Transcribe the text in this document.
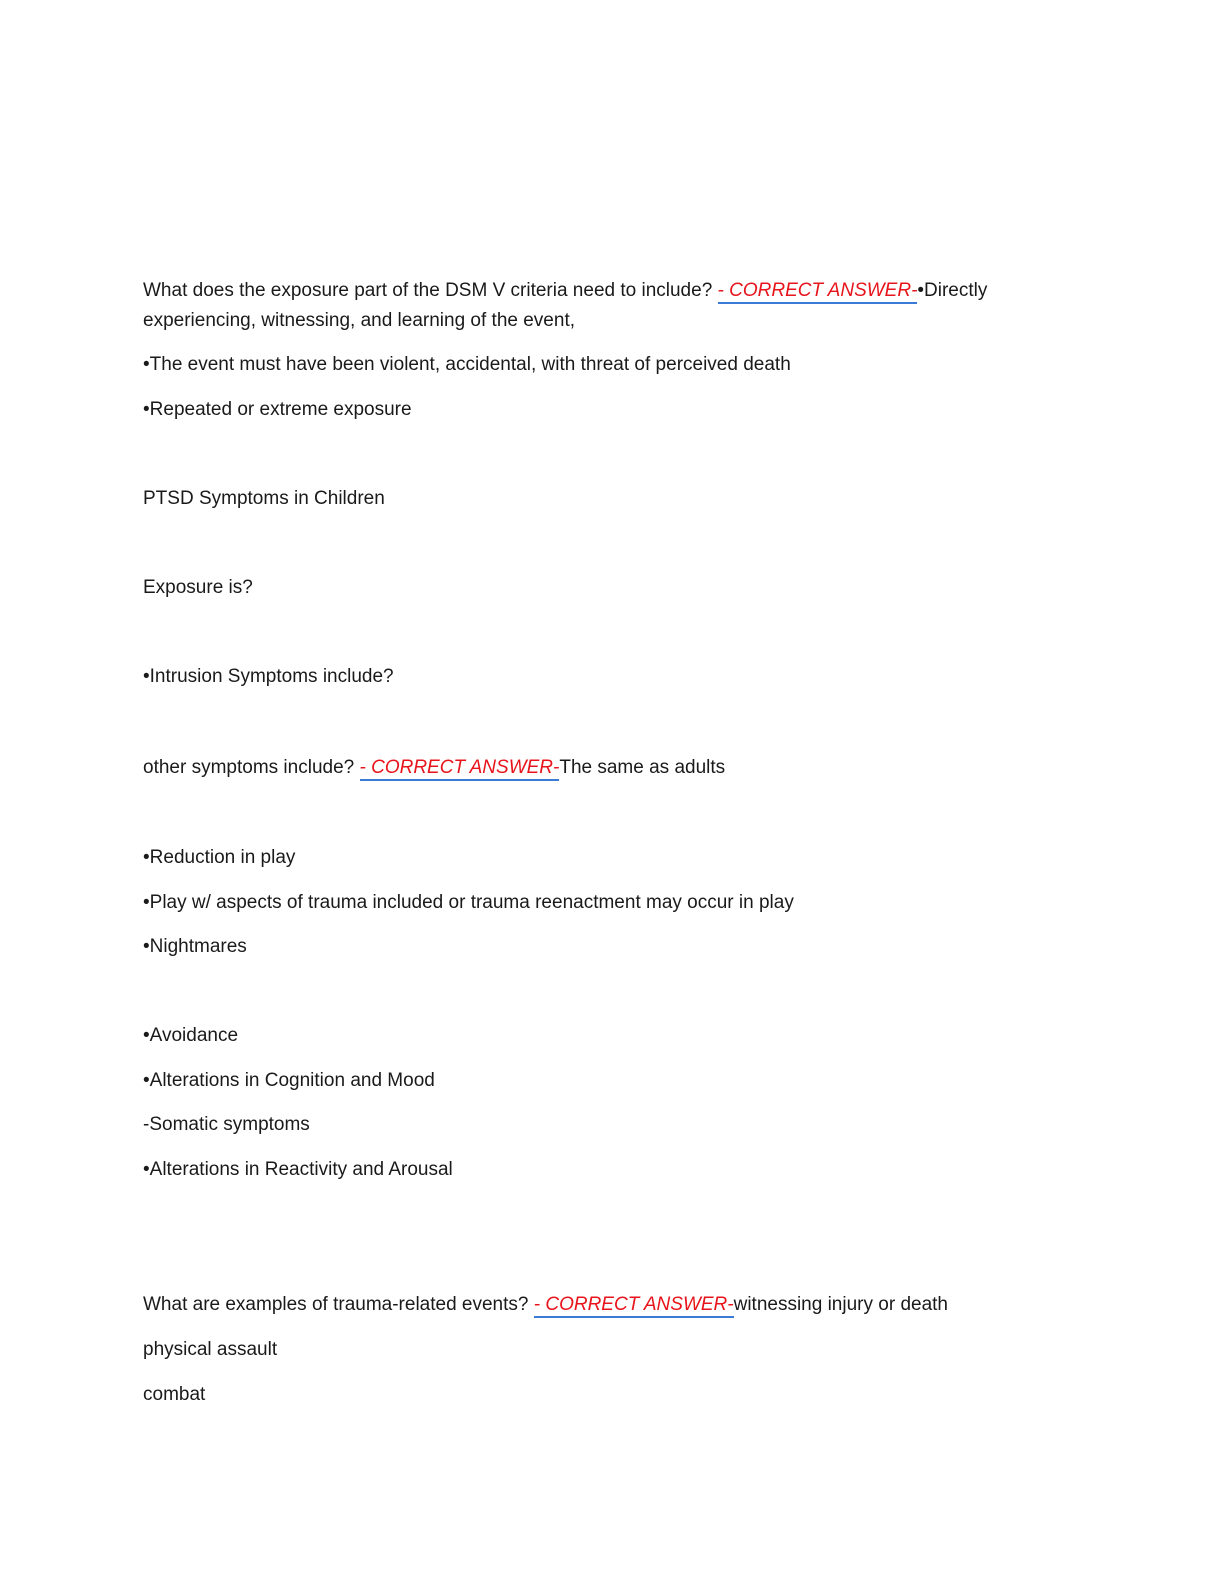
What does the exposure part of the DSM V criteria need to include? - CORRECT ANSWER-•Directly
experiencing, witnessing, and learning of the event,
•The event must have been violent, accidental, with threat of perceived death
•Repeated or extreme exposure
PTSD Symptoms in Children
Exposure is?
•Intrusion Symptoms include?
other symptoms include? - CORRECT ANSWER-The same as adults
•Reduction in play
•Play w/ aspects of trauma included or trauma reenactment may occur in play
•Nightmares
•Avoidance
•Alterations in Cognition and Mood
-Somatic symptoms
•Alterations in Reactivity and Arousal
What are examples of trauma-related events? - CORRECT ANSWER-witnessing injury or death
physical assault
combat
